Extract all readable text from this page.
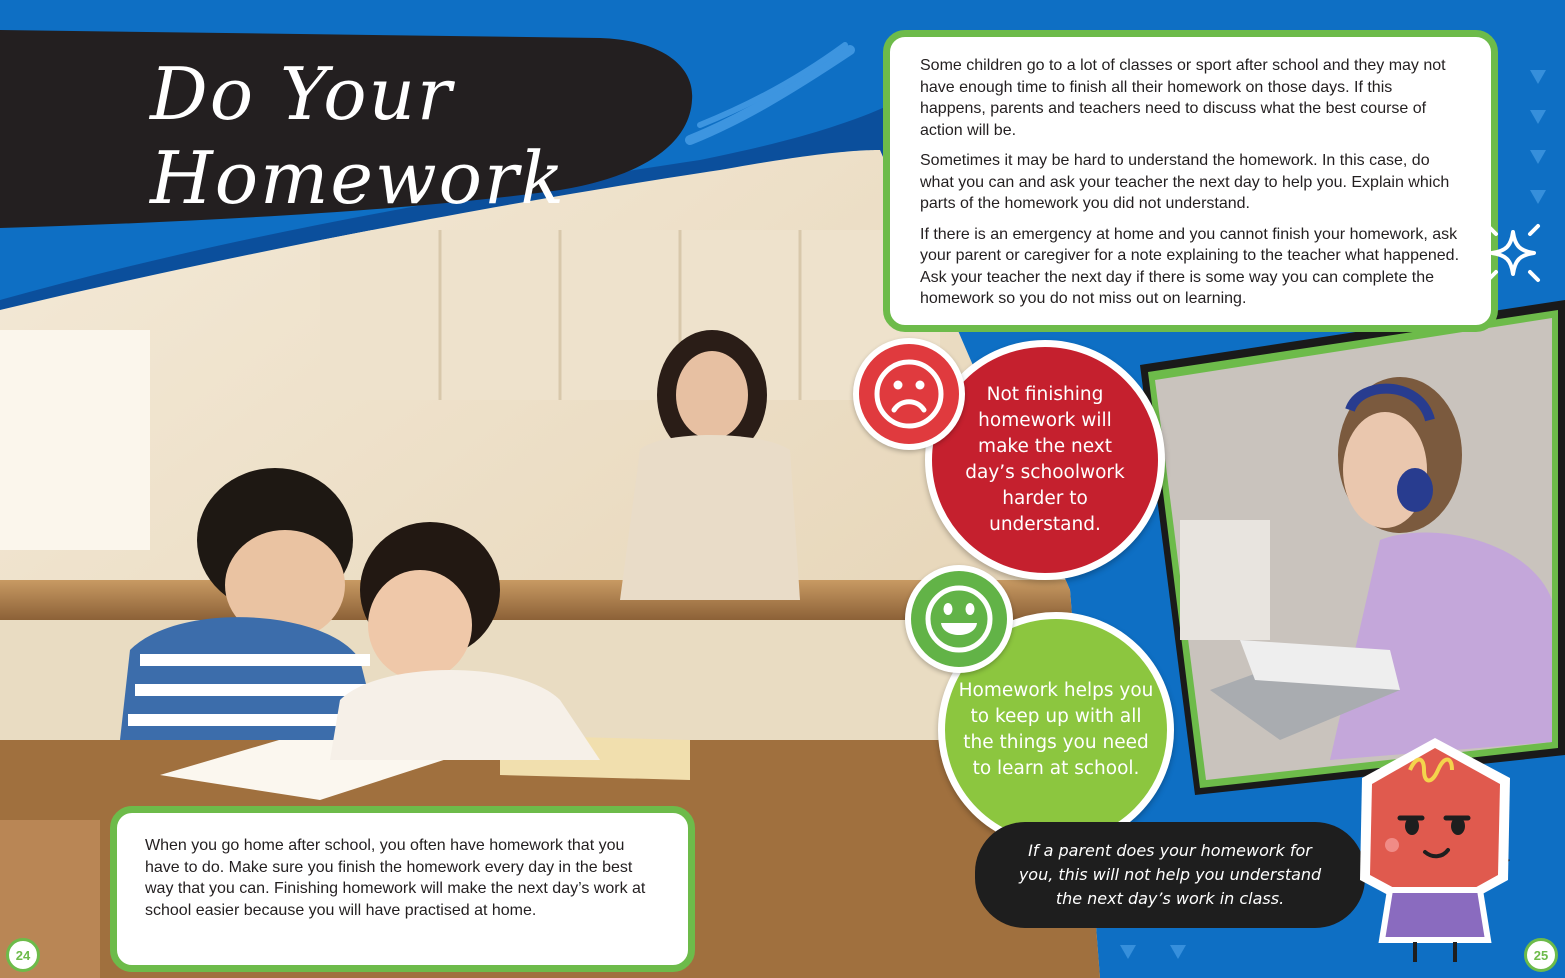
Do Your
Homework

Some children go to a lot of classes or sport after school and they may not have enough time to finish all their homework on those days. If this happens, parents and teachers need to discuss what the best course of action will be.

Sometimes it may be hard to understand the homework. In this case, do what you can and ask your teacher the next day to help you. Explain which parts of the homework you did not understand.

If there is an emergency at home and you cannot finish your homework, ask your parent or caregiver for a note explaining to the teacher what happened. Ask your teacher the next day if there is some way you can complete the homework so you do not miss out on learning.

Not finishing homework will make the next day’s schoolwork harder to understand.
Homework helps you to keep up with all the things you need to learn at school.

When you go home after school, you often have homework that you have to do. Make sure you finish the homework every day in the best way that you can. Finishing homework will make the next day’s work at school easier because you will have practised at home.

If a parent does your homework for you, this will not help you understand the next day’s work in class.
24	25
